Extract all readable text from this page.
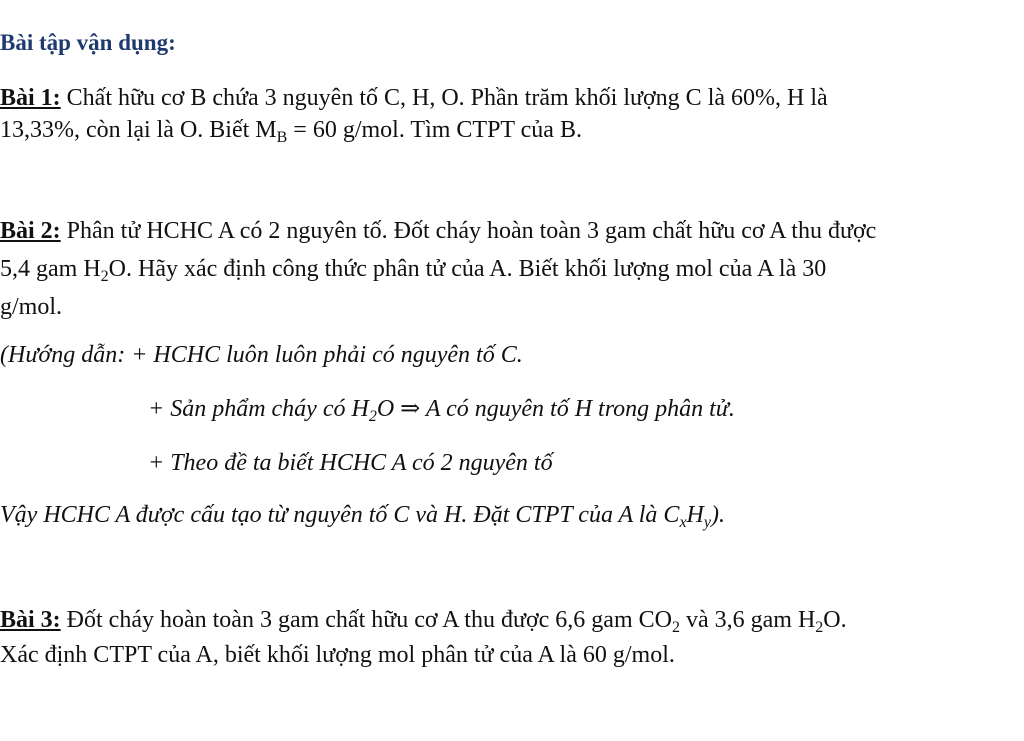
Bài tập vận dụng:
Bài 1: Chất hữu cơ B chứa 3 nguyên tố C, H, O. Phần trăm khối lượng C là 60%, H là
13,33%, còn lại là O. Biết $M_B = 60$ g/mol. Tìm CTPT của B.
Bài 2: Phân tử HCHC A có 2 nguyên tố. Đốt cháy hoàn toàn 3 gam chất hữu cơ A thu được
5,4 gam $H_2O$. Hãy xác định công thức phân tử của A. Biết khối lượng mol của A là 30
g/mol.
(Hướng dẫn: + HCHC luôn luôn phải có nguyên tố C.
+ Sản phẩm cháy có $H_2O$ ⇒ A có nguyên tố H trong phân tử.
+ Theo đề ta biết HCHC A có 2 nguyên tố
Vậy HCHC A được cấu tạo từ nguyên tố C và H. Đặt CTPT của A là $C_xH_y$).
Bài 3: Đốt cháy hoàn toàn 3 gam chất hữu cơ A thu được 6,6 gam $CO_2$ và 3,6 gam $H_2O$.
Xác định CTPT của A, biết khối lượng mol phân tử của A là 60 g/mol.
